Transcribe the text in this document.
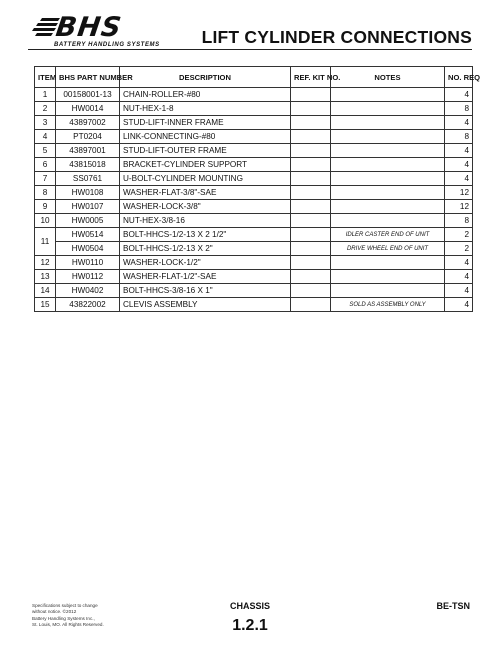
BHS
BATTERY HANDLING SYSTEMS LIFT CYLINDER CONNECTIONS
ITEM	BHS PART NUMBER	DESCRIPTION	REF. KIT NO.	NOTES	NO. REQ
1	00158001-13	CHAIN-ROLLER-#80			4
2	HW0014	NUT-HEX-1-8			8
3	43897002	STUD-LIFT-INNER FRAME			4
4	PT0204	LINK-CONNECTING-#80			8
5	43897001	STUD-LIFT-OUTER FRAME			4
6	43815018	BRACKET-CYLINDER SUPPORT			4
7	SS0761	U-BOLT-CYLINDER MOUNTING			4
8	HW0108	WASHER-FLAT-3/8"-SAE			12
9	HW0107	WASHER-LOCK-3/8"			12
10	HW0005	NUT-HEX-3/8-16			8
11	HW0514	BOLT-HHCS-1/2-13 X 2 1/2"		IDLER CASTER END OF UNIT	2
	HW0504	BOLT-HHCS-1/2-13 X 2"		DRIVE WHEEL END OF UNIT	2
12	HW0110	WASHER-LOCK-1/2"			4
13	HW0112	WASHER-FLAT-1/2"-SAE			4
14	HW0402	BOLT-HHCS-3/8-16 X 1"			4
15	43822002	CLEVIS ASSEMBLY		SOLD AS ASSEMBLY ONLY	4
Specifications subject to change
without notice. ©2012
Battery Handling Systems Inc.,
St. Louis, MO. All Rights Reserved.
CHASSIS
1.2.1
BE-TSN
